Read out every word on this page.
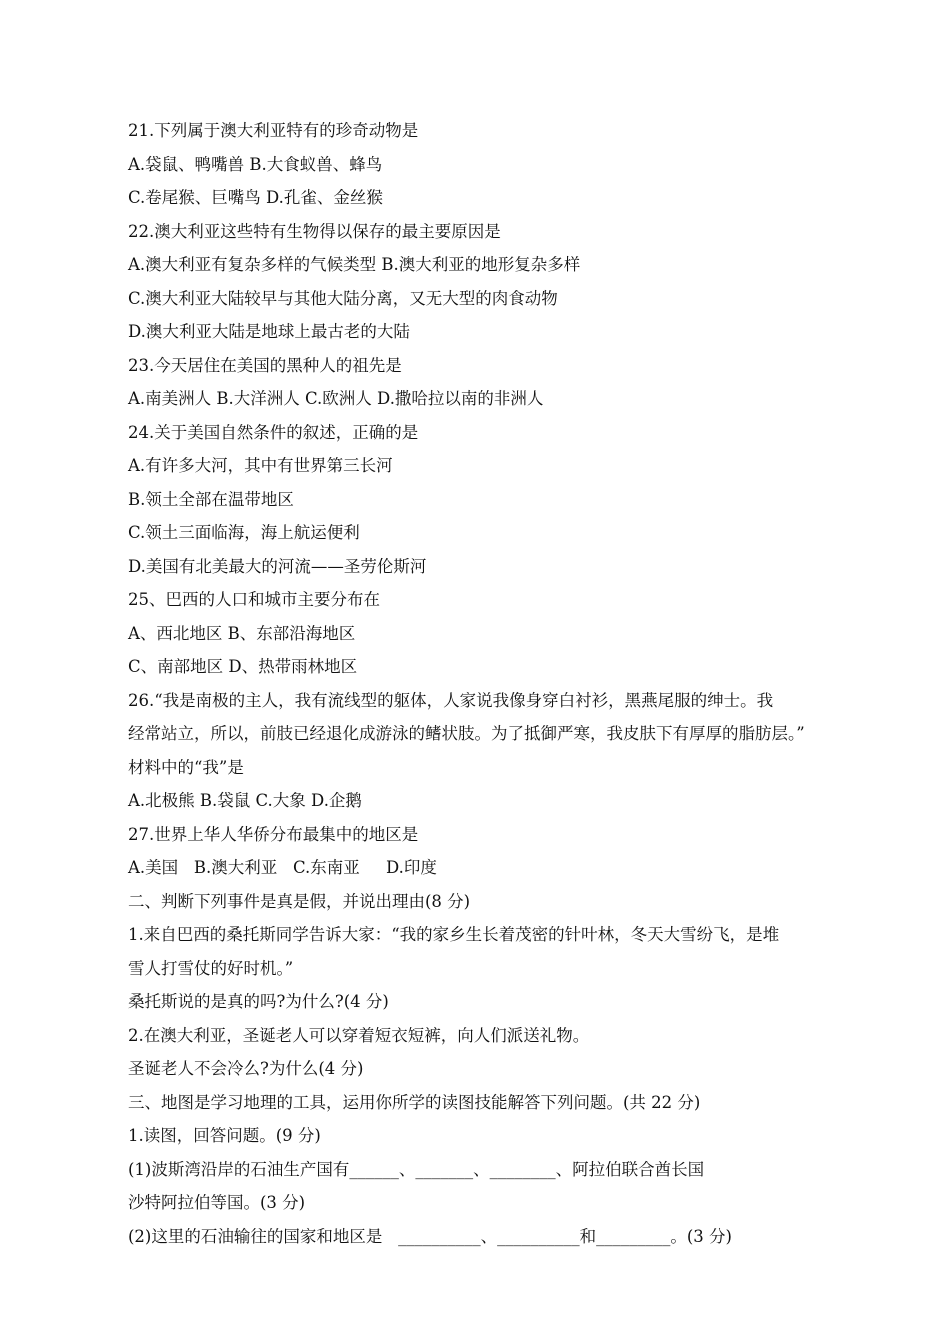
21.下列属于澳大利亚特有的珍奇动物是
A.袋鼠、鸭嘴兽 B.大食蚁兽、蜂鸟
C.卷尾猴、巨嘴鸟 D.孔雀、金丝猴
22.澳大利亚这些特有生物得以保存的最主要原因是
A.澳大利亚有复杂多样的气候类型 B.澳大利亚的地形复杂多样
C.澳大利亚大陆较早与其他大陆分离，又无大型的肉食动物
D.澳大利亚大陆是地球上最古老的大陆
23.今天居住在美国的黑种人的祖先是
A.南美洲人 B.大洋洲人 C.欧洲人 D.撒哈拉以南的非洲人
24.关于美国自然条件的叙述，正确的是
A.有许多大河，其中有世界第三长河
B.领土全部在温带地区
C.领土三面临海，海上航运便利
D.美国有北美最大的河流——圣劳伦斯河
25、巴西的人口和城市主要分布在
A、西北地区 B、东部沿海地区
C、南部地区 D、热带雨林地区
26.“我是南极的主人，我有流线型的躯体，人家说我像身穿白衬衫，黑燕尾服的绅士。我
经常站立，所以，前肢已经退化成游泳的鳍状肢。为了抵御严寒，我皮肤下有厚厚的脂肪层。”
材料中的“我”是
A.北极熊 B.袋鼠 C.大象 D.企鹅
27.世界上华人华侨分布最集中的地区是
A.美国   B.澳大利亚   C.东南亚     D.印度
二、判断下列事件是真是假，并说出理由(8 分)
1.来自巴西的桑托斯同学告诉大家：“我的家乡生长着茂密的针叶林，冬天大雪纷飞，是堆
雪人打雪仗的好时机。”
桑托斯说的是真的吗?为什么?(4 分)
2.在澳大利亚，圣诞老人可以穿着短衣短裤，向人们派送礼物。
圣诞老人不会冷么?为什么(4 分)
三、地图是学习地理的工具，运用你所学的读图技能解答下列问题。(共 22 分)
1.读图，回答问题。(9 分)
(1)波斯湾沿岸的石油生产国有______、_______、________、阿拉伯联合酋长国
沙特阿拉伯等国。(3 分)
(2)这里的石油输往的国家和地区是   __________、__________和_________。(3 分)
